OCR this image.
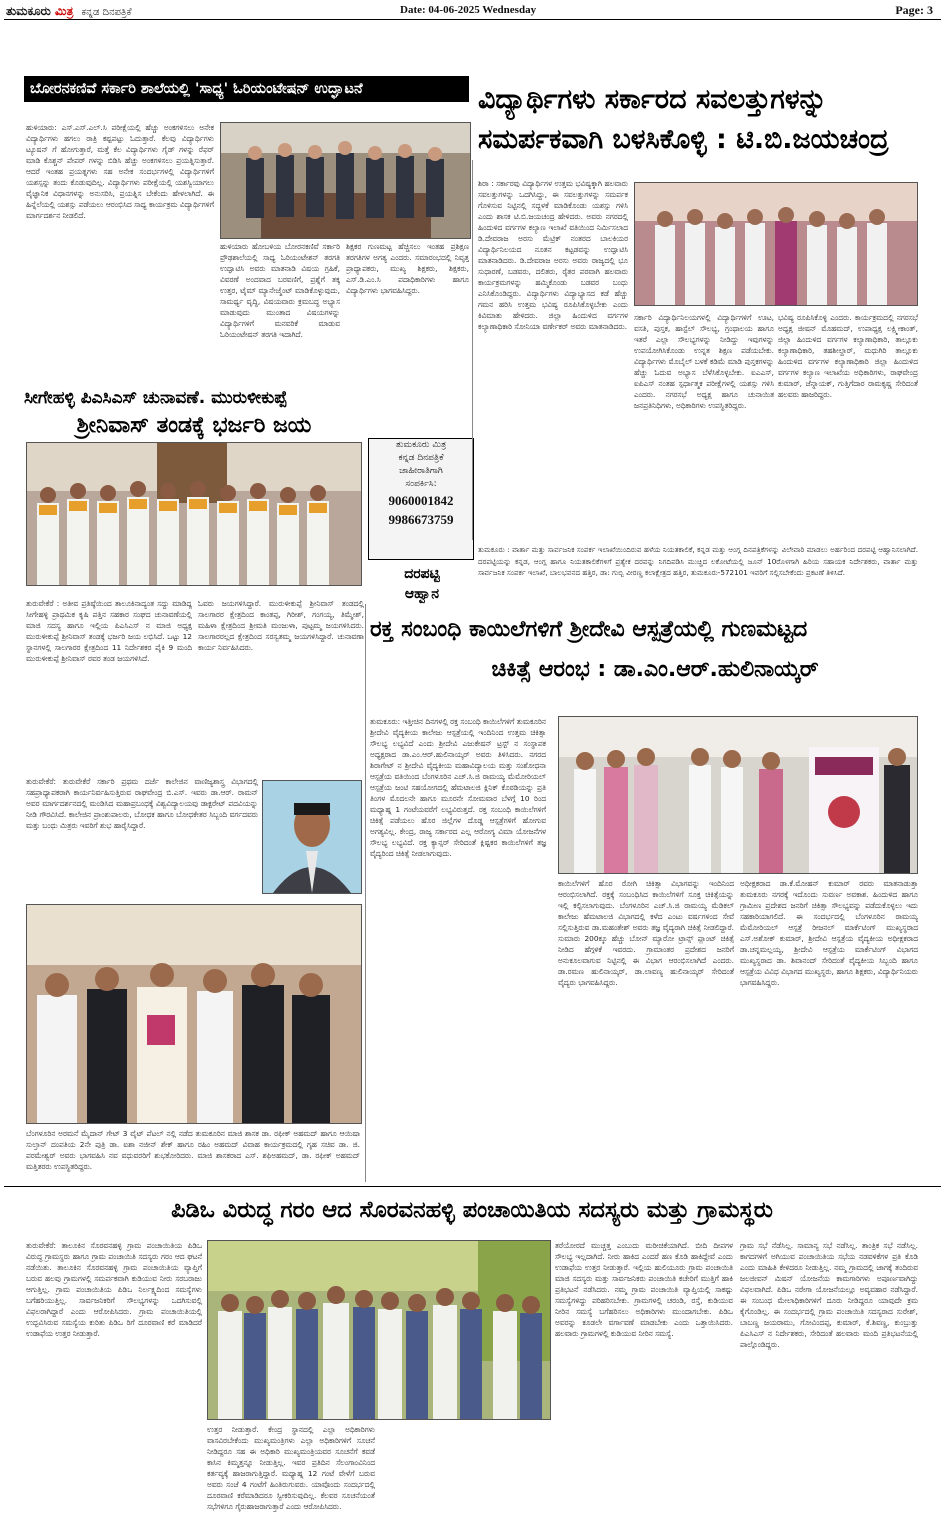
ತುಮಕೂರು ಮಿತ್ರ ಕನ್ನಡ ದಿನಪತ್ರಿಕೆ	Date: 04-06-2025 Wednesday	Page: 3
ಬೋರನಕಣಿವೆ ಸರ್ಕಾರಿ ಶಾಲೆಯಲ್ಲಿ 'ಸಾಧ್ಯ' ಓರಿಯಂಟೇಷನ್ ಉದ್ಘಾಟನೆ
ಹುಳಿಯಾರು: ಎಸ್.ಎಸ್.ಎಲ್.ಸಿ ಪರೀಕ್ಷೆಯಲ್ಲಿ ಹೆಚ್ಚು ಅಂಕಗಳಿಸಲು ಅನೇಕ ವಿದ್ಯಾರ್ಥಿಗಳು ಹಗಲು ರಾತ್ರಿ ಕಷ್ಟಪಟ್ಟು ಓದುತ್ತಾರೆ. ಕೆಲವು ವಿದ್ಯಾರ್ಥಿಗಳು ಟ್ಯೂಷನ್ ಗೆ ಹೋಗುತ್ತಾರೆ, ಮತ್ತೆ ಕೆಲ ವಿದ್ಯಾರ್ಥಿಗಳು ಗೈಡ್ ಗಳನ್ನು ರೆಫರ್ ಮಾಡಿ ಕೊಶ್ಚನ್ ಪೇಪರ್ ಗಳನ್ನು ಬಿಡಿಸಿ ಹೆಚ್ಚು ಅಂಕಗಳಿಸಲು ಪ್ರಯತ್ನಿಸುತ್ತಾರೆ. ಆದರೆ ಇಂತಹ ಪ್ರಯತ್ನಗಳು ಸಹ ಅನೇಕ ಸಂದರ್ಭಗಳಲ್ಲಿ ವಿದ್ಯಾರ್ಥಿಗಳಿಗೆ ಯಶಸ್ಸನ್ನು ತಂದು ಕೊಡುವುದಿಲ್ಲ. ವಿದ್ಯಾರ್ಥಿಗಳು ಪರೀಕ್ಷೆಯಲ್ಲಿ ಯಶಸ್ವಿಯಾಗಲು ವೈಜ್ಞಾನಿಕ ವಿಧಾನಗಳನ್ನು ಅನುಸರಿಸಿ, ಪ್ರಯತ್ನಿಸ ಬೇಕೆಂದು ಹೇಳಲಾಗಿದೆ. ಈ ಹಿನ್ನೆಲೆಯಲ್ಲಿ ಯಶಸ್ಸು ಪಡೆಯಲು ಆರಂಭಿಸಿದ ಸಾಧ್ಯ ಕಾರ್ಯಕ್ರಮ ವಿದ್ಯಾರ್ಥಿಗಳಿಗೆ ಮಾರ್ಗದರ್ಶನ ನೀಡಲಿದೆ.
ಹುಳಿಯಾರು ಹೋಬಳಿಯ ಬೋರನಕಣಿವೆ ಸರ್ಕಾರಿ ಪ್ರೌಢಶಾಲೆಯಲ್ಲಿ ಸಾಧ್ಯ ಓರಿಯಂಟೇಶನ್ ತರಗತಿ ಉದ್ಘಾಟಿಸಿ ಅವರು ಮಾತನಾಡಿ ವಿಷಯ ಗ್ರಹಿಕೆ, ವಿವರಣೆ ಅಂದವಾದ ಬರವಣಿಗೆ, ಪ್ರಶ್ನೆಗೆ ತಕ್ಕ ಉತ್ತರ, ಟೈಮ್ ಮ್ಯಾನೇಜ್ಮೆಂಟ್ ಮಾಡಿಕೊಳ್ಳುವುದು, ಸಾಮರ್ಥ್ಯ ವೃದ್ಧಿ, ವಿಷಯವಾರು ಕ್ರಮಬದ್ಧ ಅಭ್ಯಾಸ ಮಾಡುವುದು ಮುಂತಾದ ವಿಷಯಗಳನ್ನು ವಿದ್ಯಾರ್ಥಿಗಳಿಗೆ ಮನವರಿಕೆ ಮಾಡುವ ಓರಿಯಂಟೇಷನ್ ತರಗತಿ ಇದಾಗಿದೆ.
ಶಿಕ್ಷಕರ ಗುಣಮಟ್ಟ ಹೆಚ್ಚಿಸಲು ಇಂತಹ ಪ್ರಶಿಕ್ಷಣ ತರಗತಿಗಳ ಅಗತ್ಯ ಎಂದರು. ಸಮಾರಂಭದಲ್ಲಿ ನಿವೃತ್ತ ಪ್ರಾಧ್ಯಾಪಕರು, ಮುಖ್ಯ ಶಿಕ್ಷಕರು, ಶಿಕ್ಷಕರು, ಎಸ್.ಡಿ.ಎಂ.ಸಿ ಪದಾಧಿಕಾರಿಗಳು ಹಾಗೂ ವಿದ್ಯಾರ್ಥಿಗಳು ಭಾಗವಹಿಸಿದ್ದರು.
ವಿದ್ಯಾರ್ಥಿಗಳು ಸರ್ಕಾರದ ಸವಲತ್ತುಗಳನ್ನು
ಸಮರ್ಪಕವಾಗಿ ಬಳಸಿಕೊಳ್ಳಿ : ಟಿ.ಬಿ.ಜಯಚಂದ್ರ
ಶಿರಾ : ಸರ್ಕಾರವು ವಿದ್ಯಾರ್ಥಿಗಳ ಉತ್ತಮ ಭವಿಷ್ಯಕ್ಕಾಗಿ ಹಲವಾರು ಸವಲತ್ತುಗಳನ್ನು ಒದಗಿಸಿದ್ದು, ಈ ಸವಲತ್ತುಗಳನ್ನು ಸಮರ್ಪಕ ಗೊಳಿಸುವ ನಿಟ್ಟಿನಲ್ಲಿ ಸದ್ಬಳಕೆ ಮಾಡಿಕೊಂಡು ಯಶಸ್ಸು ಗಳಿಸಿ ಎಂದು ಶಾಸಕ ಟಿ.ಬಿ.ಜಯಚಂದ್ರ ಹೇಳಿದರು. ಅವರು ನಗರದಲ್ಲಿ ಹಿಂದುಳಿದ ವರ್ಗಗಳ ಕಲ್ಯಾಣ ಇಲಾಖೆ ವತಿಯಿಂದ ನಿರ್ಮಿಸಲಾದ ಡಿ.ದೇವರಾಜ ಅರಸು ಮೆಟ್ರಿಕ್ ನಂತರದ ಬಾಲಕಿಯರ ವಿದ್ಯಾರ್ಥಿನಿಲಯದ ನೂತನ ಕಟ್ಟಡವನ್ನು ಉದ್ಘಾಟಿಸಿ ಮಾತನಾಡಿದರು. ಡಿ.ದೇವರಾಜ ಅರಸು ಅವರು ರಾಜ್ಯದಲ್ಲಿ ಭೂ ಸುಧಾರಣೆ, ಬಡವರು, ದಲಿತರು, ರೈತರ ಪರವಾಗಿ ಹಲವಾರು ಕಾರ್ಯಕ್ರಮಗಳನ್ನು ಹಮ್ಮಿಕೊಂಡು ಬಡವರ ಬಂಧು ಎನಿಸಿಕೊಂಡಿದ್ದರು. ವಿದ್ಯಾರ್ಥಿಗಳು ವಿದ್ಯಾಭ್ಯಾಸದ ಕಡೆ ಹೆಚ್ಚು ಗಮನ ಹರಿಸಿ ಉತ್ತಮ ಭವಿಷ್ಯ ರೂಪಿಸಿಕೊಳ್ಳಬೇಕು ಎಂದು ಕಿವಿಮಾತು ಹೇಳಿದರು. ಜಿಲ್ಲಾ ಹಿಂದುಳಿದ ವರ್ಗಗಳ ಕಲ್ಯಾಣಾಧಿಕಾರಿ ಸೋನಿಯಾ ವರ್ಣೇಕರ್ ಅವರು ಮಾತನಾಡಿದರು.
ಸರ್ಕಾರಿ ವಿದ್ಯಾರ್ಥಿನಿಲಯಗಳಲ್ಲಿ ವಿದ್ಯಾರ್ಥಿಗಳಿಗೆ ಊಟ, ವಸತಿ, ಪುಸ್ತಕ, ಹಾಸ್ಟೆಲ್ ಸೌಲಭ್ಯ, ಗ್ರಂಥಾಲಯ ಹಾಗೂ ಇತರೆ ಎಲ್ಲಾ ಸೌಲಭ್ಯಗಳನ್ನು ನೀಡಿದ್ದು ಇವುಗಳನ್ನು ಉಪಯೋಗಿಸಿಕೊಂಡು ಉನ್ನತ ಶಿಕ್ಷಣ ಪಡೆಯಬೇಕು. ವಿದ್ಯಾರ್ಥಿಗಳು ಮೊಬೈಲ್ ಬಳಕೆ ಕಡಿಮೆ ಮಾಡಿ ಪುಸ್ತಕಗಳನ್ನು ಹೆಚ್ಚು ಓದುವ ಅಭ್ಯಾಸ ಬೆಳೆಸಿಕೊಳ್ಳಬೇಕು. ಐಎಎಸ್, ಐಪಿಎಸ್ ನಂತಹ ಸ್ಪರ್ಧಾತ್ಮಕ ಪರೀಕ್ಷೆಗಳಲ್ಲಿ ಯಶಸ್ಸು ಗಳಿಸಿ ಎಂದರು. ನಗರಸಭೆ ಅಧ್ಯಕ್ಷ ಹಾಗೂ ಚುನಾಯಿತ ಜನಪ್ರತಿನಿಧಿಗಳು, ಅಧಿಕಾರಿಗಳು ಉಪಸ್ಥಿತರಿದ್ದರು.
ಭವಿಷ್ಯ ರೂಪಿಸಿಕೊಳ್ಳಿ ಎಂದರು. ಕಾರ್ಯಕ್ರಮದಲ್ಲಿ ನಗರಸಭೆ ಅಧ್ಯಕ್ಷ ಜೀಷನ್ ಮೊಹಮದ್, ಉಪಾಧ್ಯಕ್ಷ ಲಕ್ಷ್ಮೀಕಾಂತ್, ಜಿಲ್ಲಾ ಹಿಂದುಳಿದ ವರ್ಗಗಳ ಕಲ್ಯಾಣಾಧಿಕಾರಿ, ತಾಲ್ಲೂಕು ಕಲ್ಯಾಣಾಧಿಕಾರಿ, ತಹಶೀಲ್ದಾರ್, ಮಧುಗಿರಿ ತಾಲ್ಲೂಕು ಹಿಂದುಳಿದ ವರ್ಗಗಳ ಕಲ್ಯಾಣಾಧಿಕಾರಿ ಜಿಲ್ಲಾ ಹಿಂದುಳಿದ ವರ್ಗಗಳ ಕಲ್ಯಾಣ ಇಲಾಖೆಯ ಅಧಿಕಾರಿಗಳು, ರಾಘವೇಂದ್ರ ಕುಮಾರ್, ಜೆನ್ನಾಯಕ್, ಗುತ್ತಿಗೆದಾರ ರಾಮಕೃಷ್ಣ ಸೇರಿದಂತೆ ಹಲವರು ಹಾಜರಿದ್ದರು.
ಸೀಗೇಹಳ್ಳಿ ಪಿಎಸಿಎಸ್ ಚುನಾವಣೆ. ಮುರುಳೀಕುಪ್ಪೆ
ಶ್ರೀನಿವಾಸ್ ತಂಡಕ್ಕೆ ಭರ್ಜರಿ ಜಯ
ತುರುವೇಕೆರೆ : ಅತೀವ ಪ್ರತಿಷ್ಠೆಯಿಂದ ತಾಲೂಕಿನಾದ್ಯಂತ ಸದ್ದು ಮಾಡಿದ್ದ ಸೀಗೇಹಳ್ಳಿ ಪ್ರಾಥಮಿಕ ಕೃಷಿ ಪತ್ತಿನ ಸಹಕಾರ ಸಂಘದ ಚುನಾವಣೆಯಲ್ಲಿ ಮಾಜಿ ಸದಸ್ಯ ಹಾಗೂ ಇಲ್ಲಿಯ ಪಿಎಸಿಎಸ್ ನ ಮಾಜಿ ಅಧ್ಯಕ್ಷ ಮುರುಳೀಕುಪ್ಪೆ ಶ್ರೀನಿವಾಸ್ ತಂಡಕ್ಕೆ ಭರ್ಜರಿ ಜಯ ಲಭಿಸಿದೆ. ಒಟ್ಟು 12 ಸ್ಥಾನಗಳಲ್ಲಿ ಸಾಲಗಾರರ ಕ್ಷೇತ್ರದಿಂದ 11 ನಿರ್ದೇಶಕರ ಪೈಕಿ 9 ಮಂದಿ ಮುರುಳೀಕುಪ್ಪೆ ಶ್ರೀನಿವಾಸ್ ರವರ ತಂಡ ಜಯಗಳಿಸಿದೆ.
ಓವರು ಜಯಗಳಿಸಿದ್ದಾರೆ. ಮುರುಳೀಕುಪ್ಪೆ ಶ್ರೀನಿವಾಸ್ ತಂಡದಲ್ಲಿ ಸಾಲಗಾರರ ಕ್ಷೇತ್ರದಿಂದ ಕಾಂತಪ್ಪ, ಗಿರೀಶ್, ಗಂಗಯ್ಯ, ತಿಮ್ಮೇಶ್, ಮಹಿಳಾ ಕ್ಷೇತ್ರದಿಂದ ಶ್ರೀಮತಿ ಮಂಜುಳಾ, ಪುಟ್ಟಮ್ಮ ಜಯಗಳಿಸಿದರು. ಸಾಲಗಾರರಲ್ಲದ ಕ್ಷೇತ್ರದಿಂದ ಸರಸ್ವತಮ್ಮ ಜಯಗಳಿಸಿದ್ದಾರೆ. ಚುನಾವಣಾ ಕಾರ್ಯ ನಿರ್ವಹಿಸಿದರು.
ತುರುವೇಕೆರೆ: ತುರುವೇಕೆರೆ ಸರ್ಕಾರಿ ಪ್ರಥಮ ದರ್ಜೆ ಕಾಲೇಜಿನ ವಾಣಿಜ್ಯಶಾಸ್ತ್ರ ವಿಭಾಗದಲ್ಲಿ ಸಹಪ್ರಾಧ್ಯಾಪಕರಾಗಿ ಕಾರ್ಯನಿರ್ವಹಿಸುತ್ತಿರುವ ರಾಘವೇಂದ್ರ ಬಿ.ಎಸ್. ಇವರು ಡಾ.ಆರ್. ರಾಮನ್ ಅವರ ಮಾರ್ಗದರ್ಶನದಲ್ಲಿ ಮಂಡಿಸಿದ ಮಹಾಪ್ರಬಂಧಕ್ಕೆ ವಿಶ್ವವಿದ್ಯಾಲಯವು ಡಾಕ್ಟರೇಟ್ ಪದವಿಯನ್ನು ನೀಡಿ ಗೌರವಿಸಿದೆ. ಕಾಲೇಜಿನ ಪ್ರಾಂಶುಪಾಲರು, ಬೋಧಕ ಹಾಗೂ ಬೋಧಕೇತರ ಸಿಬ್ಬಂದಿ ವರ್ಗದವರು ಮತ್ತು ಬಂಧು ಮಿತ್ರರು ಇವರಿಗೆ ಶುಭ ಹಾರೈಸಿದ್ದಾರೆ.
ಬೆಂಗಳೂರಿನ ಅರಮನೆ ಮೈದಾನ್ ಗೇಟ್ 3 ವೈಟ್ ಪೆಟಲ್ ನಲ್ಲಿ ನಡೆದ ತುಮಕೂರಿನ ಮಾಜಿ ಶಾಸಕ ಡಾ. ರಫೀಕ್ ಅಹಮದ್ ಹಾಗೂ ಆಯಿಷಾ ಸುಲ್ತಾನ್ ದಂಪತಿಯ 2ನೇ ಪುತ್ರಿ ಡಾ. ಐಶಾ ನಜೀನ್ ಶೇಕ್ ಹಾಗೂ ರಹಿಂ ಅಹಮದ್ ವಿವಾಹ ಕಾರ್ಯಕ್ರಮದಲ್ಲಿ ಗೃಹ ಸಚಿವ ಡಾ. ಜಿ. ಪರಮೇಶ್ವರ್ ಅವರು ಭಾಗವಹಿಸಿ ನವ ವಧುವರರಿಗೆ ಶುಭಕೋರಿದರು. ಮಾಜಿ ಶಾಸಕರಾದ ಎಸ್. ಶಫಿಅಹಮದ್, ಡಾ. ರಫೀಕ್ ಅಹಮದ್ ಮತ್ತಿತರರು ಉಪಸ್ಥಿತರಿದ್ದರು.
ತುಮಕೂರು ಮಿತ್ರ
ಕನ್ನಡ ದಿನಪತ್ರಿಕೆ
ಜಾಹೀರಾತಿಗಾಗಿ
ಸಂಪರ್ಕಿಸಿ:
9060001842
9986673759
ದರಪಟ್ಟಿ
ಆಹ್ವಾನ
ತುಮಕೂರು : ವಾರ್ತಾ ಮತ್ತು ಸಾರ್ವಜನಿಕ ಸಂಪರ್ಕ ಇಲಾಖೆಯಿಂದಿರುವ ಹಳೆಯ ನಿಯತಕಾಲಿಕೆ, ಕನ್ನಡ ಮತ್ತು ಆಂಗ್ಲ ದಿನಪತ್ರಿಕೆಗಳನ್ನು ವಿಲೇವಾರಿ ಮಾಡಲು ಅರ್ಹರಿಂದ ದರಪಟ್ಟಿ ಆಹ್ವಾನಿಸಲಾಗಿದೆ. ದರಪಟ್ಟಿಯನ್ನು ಕನ್ನಡ, ಆಂಗ್ಲ ಹಾಗೂ ನಿಯತಕಾಲಿಕೆಗಳಿಗೆ ಪ್ರತ್ಯೇಕ ದರವನ್ನು ನಿಗದಿಪಡಿಸಿ ಮುಚ್ಚಿದ ಲಕೋಟೆಯಲ್ಲಿ ಜೂನ್ 10ರೊಳಗಾಗಿ ಹಿರಿಯ ಸಹಾಯಕ ನಿರ್ದೇಶಕರು, ವಾರ್ತಾ ಮತ್ತು ಸಾರ್ವಜನಿಕ ಸಂಪರ್ಕ ಇಲಾಖೆ, ಬಾಲಭವನದ ಹತ್ತಿರ, ಡಾ: ಗುಬ್ಬಿ ವೀರಣ್ಣ ಕಲಾಕ್ಷೇತ್ರದ ಹತ್ತಿರ, ತುಮಕೂರು-572101 ಇವರಿಗೆ ಸಲ್ಲಿಸಬೇಕೆಂದು ಪ್ರಕಟಣೆ ತಿಳಿಸಿದೆ.
ರಕ್ತ ಸಂಬಂಧಿ ಕಾಯಿಲೆಗಳಿಗೆ ಶ್ರೀದೇವಿ ಆಸ್ಪತ್ರೆಯಲ್ಲಿ ಗುಣಮಟ್ಟದ
ಚಿಕಿತ್ಸೆ ಆರಂಭ : ಡಾ.ಎಂ.ಆರ್.ಹುಲಿನಾಯ್ಕರ್
ತುಮಕೂರು: ಇತ್ತೀಚಿನ ದಿನಗಳಲ್ಲಿ ರಕ್ತ ಸಂಬಂಧಿ ಕಾಯಿಲೆಗಳಿಗೆ ತುಮಕೂರಿನ ಶ್ರೀದೇವಿ ವೈದ್ಯಕೀಯ ಕಾಲೇಜು ಆಸ್ಪತ್ರೆಯಲ್ಲಿ ಇಂದಿನಿಂದ ಉತ್ತಮ ಚಿಕಿತ್ಸಾ ಸೌಲಭ್ಯ ಲಭ್ಯವಿದೆ ಎಂದು ಶ್ರೀದೇವಿ ಎಜುಕೇಷನ್ ಟ್ರಸ್ಟ್ ನ ಸಂಸ್ಥಾಪಕ ಅಧ್ಯಕ್ಷರಾದ ಡಾ.ಎಂ.ಆರ್.ಹುಲಿನಾಯ್ಕರ್ ಅವರು ತಿಳಿಸಿದರು. ನಗರದ ಶಿರಾಗೇಟ್ ನ ಶ್ರೀದೇವಿ ವೈದ್ಯಕೀಯ ಮಹಾವಿದ್ಯಾಲಯ ಮತ್ತು ಸಂಶೋಧನಾ ಆಸ್ಪತ್ರೆಯ ವತಿಯಿಂದ ಬೆಂಗಳೂರಿನ ಎಚ್.ಸಿ.ಜಿ ರಾಮಯ್ಯ ಮೆಮೋರಿಯಲ್ ಆಸ್ಪತ್ರೆಯ ಜಂಟಿ ಸಹಯೋಗದಲ್ಲಿ ಹೆಮಟಾಲಜಿ ಕ್ಲಿನಿಕ್ ಕೊಠಡಿಯನ್ನು ಪ್ರತಿ ತಿಂಗಳ ಮೊದಲನೇ ಹಾಗೂ ಮೂರನೇ ಸೋಮವಾರ ಬೆಳಗ್ಗೆ 10 ರಿಂದ ಮಧ್ಯಾಹ್ನ 1 ಗಂಟೆಯವರೆಗೆ ಲಭ್ಯವಿರುತ್ತದೆ. ರಕ್ತ ಸಂಬಂಧಿ ಕಾಯಿಲೆಗಳಿಗೆ ಚಿಕಿತ್ಸೆ ಪಡೆಯಲು ಹೊರ ಜಿಲ್ಲೆಗಳ ದೊಡ್ಡ ಆಸ್ಪತ್ರೆಗಳಿಗೆ ಹೋಗುವ ಅಗತ್ಯವಿಲ್ಲ. ಕೇಂದ್ರ, ರಾಜ್ಯ ಸರ್ಕಾರದ ಎಲ್ಲ ಆರೋಗ್ಯ ವಿಮಾ ಯೋಜನೆಗಳ ಸೌಲಭ್ಯ ಲಭ್ಯವಿದೆ. ರಕ್ತ ಕ್ಯಾನ್ಸರ್ ಸೇರಿದಂತೆ ಕ್ಲಿಷ್ಟಕರ ಕಾಯಿಲೆಗಳಿಗೆ ತಜ್ಞ ವೈದ್ಯರಿಂದ ಚಿಕಿತ್ಸೆ ನೀಡಲಾಗುವುದು.
ಕಾಯಿಲೆಗಳಿಗೆ ಹೊರ ರೋಗಿ ಚಿಕಿತ್ಸಾ ವಿಭಾಗವನ್ನು ಇಂದಿನಿಂದ ಆರಂಭಿಸಲಾಗಿದೆ. ರಕ್ತಕ್ಕೆ ಸಂಬಂಧಿಸಿದ ಕಾಯಿಲೆಗಳಿಗೆ ಸೂಕ್ತ ಚಿಕಿತ್ಸೆಯನ್ನು ಇಲ್ಲಿ ಕಲ್ಪಿಸಲಾಗುವುದು. ಬೆಂಗಳೂರಿನ ಎಚ್.ಸಿ.ಜಿ ರಾಮಯ್ಯ ಮೆಡಿಕಲ್ ಕಾಲೇಜು ಹೆಮಟಾಲಜಿ ವಿಭಾಗದಲ್ಲಿ ಕಳೆದ ಎಂಟು ವರ್ಷಗಳಿಂದ ಸೇವೆ ಸಲ್ಲಿಸುತ್ತಿರುವ ಡಾ.ಮಹಂತೇಶ್ ಅವರು ತಜ್ಞ ವೈದ್ಯರಾಗಿ ಚಿಕಿತ್ಸೆ ನೀಡಲಿದ್ದಾರೆ. ಸುಮಾರು 200ಕ್ಕೂ ಹೆಚ್ಚು ಬೋನ್ ಮ್ಯಾರೋ ಟ್ರಾನ್ಸ್ ಪ್ಲಾಂಟ್ ಚಿಕಿತ್ಸೆ ನೀಡಿದ ಹೆಗ್ಗಳಿಕೆ ಇವರದು. ಗ್ರಾಮಾಂತರ ಪ್ರದೇಶದ ಜನರಿಗೆ ಅನುಕೂಲವಾಗುವ ನಿಟ್ಟಿನಲ್ಲಿ ಈ ವಿಭಾಗ ಆರಂಭಿಸಲಾಗಿದೆ ಎಂದರು. ಡಾ.ರಮಣ ಹುಲಿನಾಯ್ಕರ್, ಡಾ.ಲಾವಣ್ಯ ಹುಲಿನಾಯ್ಕರ್ ಸೇರಿದಂತೆ ವೈದ್ಯರು ಭಾಗವಹಿಸಿದ್ದರು.
ಅಧೀಕ್ಷಕರಾದ ಡಾ.ಕೆ.ಮೋಹನ್ ಕುಮಾರ್ ರವರು ಮಾತನಾಡುತ್ತಾ ತುಮಕೂರು ನಗರಕ್ಕೆ ಇದೊಂದು ಸುವರ್ಣ ಅವಕಾಶ. ಹಿಂದುಳಿದ ಹಾಗೂ ಗ್ರಾಮೀಣ ಪ್ರದೇಶದ ಜನರಿಗೆ ಚಿಕಿತ್ಸಾ ಸೌಲಭ್ಯವನ್ನು ಪಡೆದುಕೊಳ್ಳಲು ಇದು ಸಹಕಾರಿಯಾಗಲಿದೆ. ಈ ಸಂದರ್ಭದಲ್ಲಿ ಬೆಂಗಳೂರಿನ ರಾಮಯ್ಯ ಮೆಮೋರಿಯಲ್ ಆಸ್ಪತ್ರೆ ರೀಜನಲ್ ಮಾರ್ಕೆಟಿಂಗ್ ಮುಖ್ಯಸ್ಥರಾದ ಎಸ್.ಅಶೋಕ್ ಕುಮಾರ್, ಶ್ರೀದೇವಿ ಆಸ್ಪತ್ರೆಯ ವೈದ್ಯಕೀಯ ಅಧೀಕ್ಷಕರಾದ ಡಾ.ಚನ್ನಮಲ್ಲಯ್ಯ, ಶ್ರೀದೇವಿ ಆಸ್ಪತ್ರೆಯ ಮಾರ್ಕೆಟಿಂಗ್ ವಿಭಾಗದ ಮುಖ್ಯಸ್ಥರಾದ ಡಾ. ಶಿವಾನಂದ್ ಸೇರಿದಂತೆ ವೈದ್ಯಕೀಯ ಸಿಬ್ಬಂದಿ ಹಾಗೂ ಆಸ್ಪತ್ರೆಯ ವಿವಿಧ ವಿಭಾಗದ ಮುಖ್ಯಸ್ಥರು, ಹಾಗೂ ಶಿಕ್ಷಕರು, ವಿದ್ಯಾರ್ಥಿನಿಯರು ಭಾಗವಹಿಸಿದ್ದರು.
ಪಿಡಿಒ ವಿರುದ್ಧ ಗರಂ ಆದ ಸೊರವನಹಳ್ಳಿ ಪಂಚಾಯಿತಿಯ ಸದಸ್ಯರು ಮತ್ತು ಗ್ರಾಮಸ್ಥರು
ತುರುವೇಕೆರೆ: ತಾಲೂಕಿನ ಸೊರವನಹಳ್ಳಿ ಗ್ರಾಮ ಪಂಚಾಯಿತಿಯ ಪಿಡಿಒ ವಿರುದ್ಧ ಗ್ರಾಮಸ್ಥರು ಹಾಗೂ ಗ್ರಾಮ ಪಂಚಾಯಿತಿ ಸದಸ್ಯರು ಗರಂ ಆದ ಘಟನೆ ನಡೆಯಿತು. ತಾಲೂಕಿನ ಸೊರವನಹಳ್ಳಿ ಗ್ರಾಮ ಪಂಚಾಯಿತಿಯ ವ್ಯಾಪ್ತಿಗೆ ಬರುವ ಹಲವು ಗ್ರಾಮಗಳಲ್ಲಿ ಸಮರ್ಪಕವಾಗಿ ಕುಡಿಯುವ ನೀರು ಸರಬರಾಜು ಆಗುತ್ತಿಲ್ಲ. ಗ್ರಾಮ ಪಂಚಾಯಿತಿಯ ಪಿಡಿಒ ನಿರ್ಲಕ್ಷ್ಯದಿಂದ ಸಮಸ್ಯೆಗಳು ಬಗೆಹರಿಯುತ್ತಿಲ್ಲ. ಸಾರ್ವಜನಿಕರಿಗೆ ಸೌಲಭ್ಯಗಳನ್ನು ಒದಗಿಸುವಲ್ಲಿ ವಿಫಲರಾಗಿದ್ದಾರೆ ಎಂದು ಆರೋಪಿಸಿದರು. ಗ್ರಾಮ ಪಂಚಾಯಿತಿಯಲ್ಲಿ ಉದ್ಭವಿಸಿರುವ ಸಮಸ್ಯೆಯ ಕುರಿತು ಪಿಡಿಒ ರಿಗೆ ದೂರವಾಣಿ ಕರೆ ಮಾಡಿದರೆ ಉಡಾಫೆಯ ಉತ್ತರ ನೀಡುತ್ತಾರೆ.
ಉತ್ತರ ನೀಡುತ್ತಾರೆ. ಕೇಂದ್ರ ಸ್ಥಾನದಲ್ಲಿ ಎಲ್ಲಾ ಅಧಿಕಾರಿಗಳು ವಾಸವಿರಬೇಕೆಂದು ಮುಖ್ಯಮಂತ್ರಿಗಳು ಎಲ್ಲಾ ಅಧಿಕಾರಿಗಳಿಗೆ ಸೂಚನೆ ನೀಡಿದ್ದರೂ ಸಹ ಈ ಅಧಿಕಾರಿ ಮುಖ್ಯಮಂತ್ರಿಯವರ ಸೂಚನೆಗೆ ಕವಡೆ ಕಾಸಿನ ಕಿಮ್ಮತ್ತನ್ನೂ ನೀಡುತ್ತಿಲ್ಲ. ಇವರ ಪ್ರತಿದಿನ ಸೆಲಂಗಾಂವಿನಿಂದ ಕರ್ತವ್ಯಕ್ಕೆ ಹಾಜರಾಗುತ್ತಿದ್ದಾರೆ. ಮಧ್ಯಾಹ್ನ 12 ಗಂಟೆ ವೇಳೆಗೆ ಬರುವ ಅವರು ಸಂಜೆ 4 ಗಂಟೆಗೆ ಹಿಂತಿರುಗುವರು. ಯಾವೊಂದು ಸಂದರ್ಭದಲ್ಲಿ ದೂರವಾಣಿ ಕರೆಮಾಡಿದರೂ ಸ್ವೀಕರಿಸುವುದಿಲ್ಲ. ಕೆಲವರ ಸೂಚನೆಯಂತೆ ಸಭೆಗಳಿಗೂ ಗೈರುಹಾಜರಾಗುತ್ತಾರೆ ಎಂದು ಆರೋಪಿಸಿದರು.
ತರೆಯೋರದೆ ಮುಚ್ಚತ್ತ ಎಂಬುದು ಮರೀಚಿಕೆಯಾಗಿದೆ. ಬೀದಿ ದೀಪಗಳ ಸೌಲಭ್ಯ ಇಲ್ಲದಾಗಿದೆ. ನೀರು ಹಾಕಿದ ಎಂದರೆ ಹಣ ಕೊಡಿ ಹಾಕಿದ್ದೇವೆ ಎಂದು ಉಡಾಫೆಯ ಉತ್ತರ ನೀಡುತ್ತಾರೆ. ಇಲ್ಲಿಯ ಹುಲಿಯೂರು ಗ್ರಾಮ ಪಂಚಾಯಿತಿ ಮಾಜಿ ಸದಸ್ಯರು ಮತ್ತು ಸಾರ್ವಜನಿಕರು ಪಂಚಾಯಿತಿ ಕಚೇರಿಗೆ ಮುತ್ತಿಗೆ ಹಾಕಿ ಪ್ರತಿಭಟನೆ ನಡೆಸಿದರು. ನಮ್ಮ ಗ್ರಾಮ ಪಂಚಾಯಿತಿ ವ್ಯಾಪ್ತಿಯಲ್ಲಿ ಸಾಕಷ್ಟು ಸಮಸ್ಯೆಗಳಿದ್ದು ಪರಿಹರಿಸಬೇಕು. ಗ್ರಾಮಗಳಲ್ಲಿ ಚರಂಡಿ, ರಸ್ತೆ, ಕುಡಿಯುವ ನೀರಿನ ಸಮಸ್ಯೆ ಬಗೆಹರಿಸಲು ಅಧಿಕಾರಿಗಳು ಮುಂದಾಗಬೇಕು. ಪಿಡಿಒ ಅವರನ್ನು ಕೂಡಲೇ ವರ್ಗಾವಣೆ ಮಾಡಬೇಕು ಎಂದು ಒತ್ತಾಯಿಸಿದರು. ಹಲವಾರು ಗ್ರಾಮಗಳಲ್ಲಿ ಕುಡಿಯುವ ನೀರಿನ ಸಮಸ್ಯೆ.
ಗ್ರಾಮ ಸಭೆ ನೆಡೆಸಿಲ್ಲ. ಸಾಮಾನ್ಯ ಸಭೆ ನಡೆಸಿಲ್ಲ. ತಾಂತ್ರಿಕ ಸಭೆ ನಡೆಸಿಲ್ಲ. ಕಾಗದಗಳಿಗೆ ಅಗಿಯುವ ಪಂಚಾಯಿತಿಯ ಸಭೆಯ ನಡವಳಿಕೆಗಳ ಪ್ರತಿ ಕೊಡಿ ಎಂದು ಮಾಹಿತಿ ಕೇಳಿದರೂ ನೀಡುತ್ತಿಲ್ಲ. ನಮ್ಮ ಗ್ರಾಮದಲ್ಲಿ ಜಾಗಕ್ಕೆ ತಂದಿರುವ ಜಲಜೀವನ್ ಮಿಷನ್ ಯೋಜನೆಯ ಕಾಮಗಾರಿಗಳು ಅಪೂರ್ಣವಾಗಿದ್ದು ವಿಫಲವಾಗಿದೆ. ಪಿಡಿಒ ನರೇಗಾ ಯೋಜನೆಯಲ್ಲೂ ಅವ್ಯವಹಾರ ನಡೆಸಿದ್ದಾರೆ. ಈ ಸಂಬಂಧ ಮೇಲಾಧಿಕಾರಿಗಳಿಗೆ ದೂರು ನೀಡಿದ್ದರೂ ಯಾವುದೇ ಕ್ರಮ ಕೈಗೊಂಡಿಲ್ಲ. ಈ ಸಂದರ್ಭದಲ್ಲಿ ಗ್ರಾಮ ಪಂಚಾಯಿತಿ ಸದಸ್ಯರಾದ ಸುರೇಶ್, ಬಾಬಣ್ಣ ಜಯರಾಮು, ಗೋವಿಂದಪ್ಪ, ಕುಮಾರ್, ಕೆ.ಶಿವಣ್ಣ, ಕುಂಬ್ರುತ್ತು ಪಿಎಸಿಎಸ್ ನ ನಿರ್ದೇಶಕರು, ಸೇರಿದಂತೆ ಹಲವಾರು ಮಂದಿ ಪ್ರತಿಭಟನೆಯಲ್ಲಿ ಪಾಲ್ಗೊಂಡಿದ್ದರು.
